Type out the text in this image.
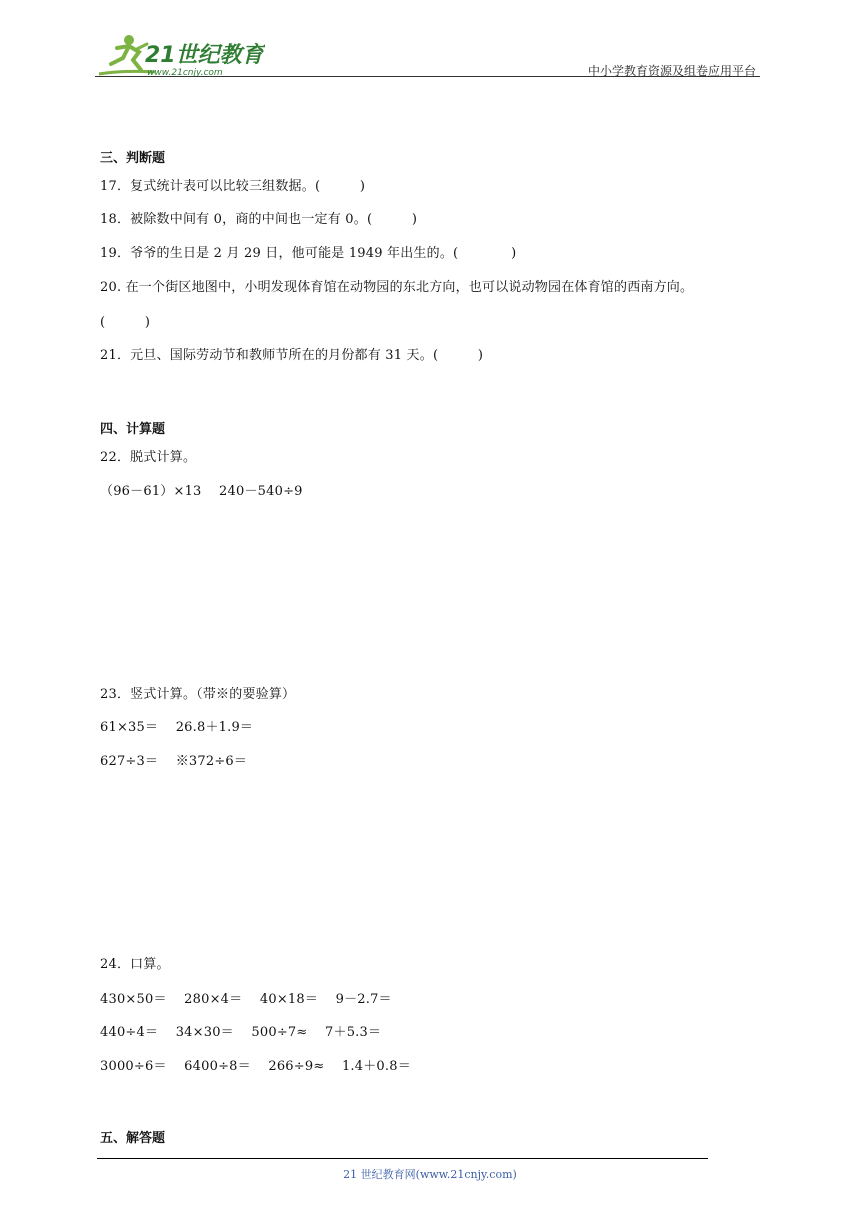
21世纪教育
www.21cnjy.com	中小学教育资源及组卷应用平台
三、判断题
17．复式统计表可以比较三组数据。(　　　)
18．被除数中间有 0，商的中间也一定有 0。(　　　)
19．爷爷的生日是 2 月 29 日，他可能是 1949 年出生的。(　　　　)
20. 在一个街区地图中，小明发现体育馆在动物园的东北方向，也可以说动物园在体育馆的西南方向。
(　　　)
21．元旦、国际劳动节和教师节所在的月份都有 31 天。(　　　)
四、计算题
22．脱式计算。
（96－61）×13　 240－540÷9
23．竖式计算。（带※的要验算）
61×35＝　 26.8＋1.9＝
627÷3＝　 ※372÷6＝
24．口算。
430×50＝　 280×4＝　 40×18＝　 9－2.7＝
440÷4＝　 34×30＝　 500÷7≈　 7＋5.3＝
3000÷6＝　 6400÷8＝　 266÷9≈　 1.4＋0.8＝
五、解答题
21 世纪教育网(www.21cnjy.com)
